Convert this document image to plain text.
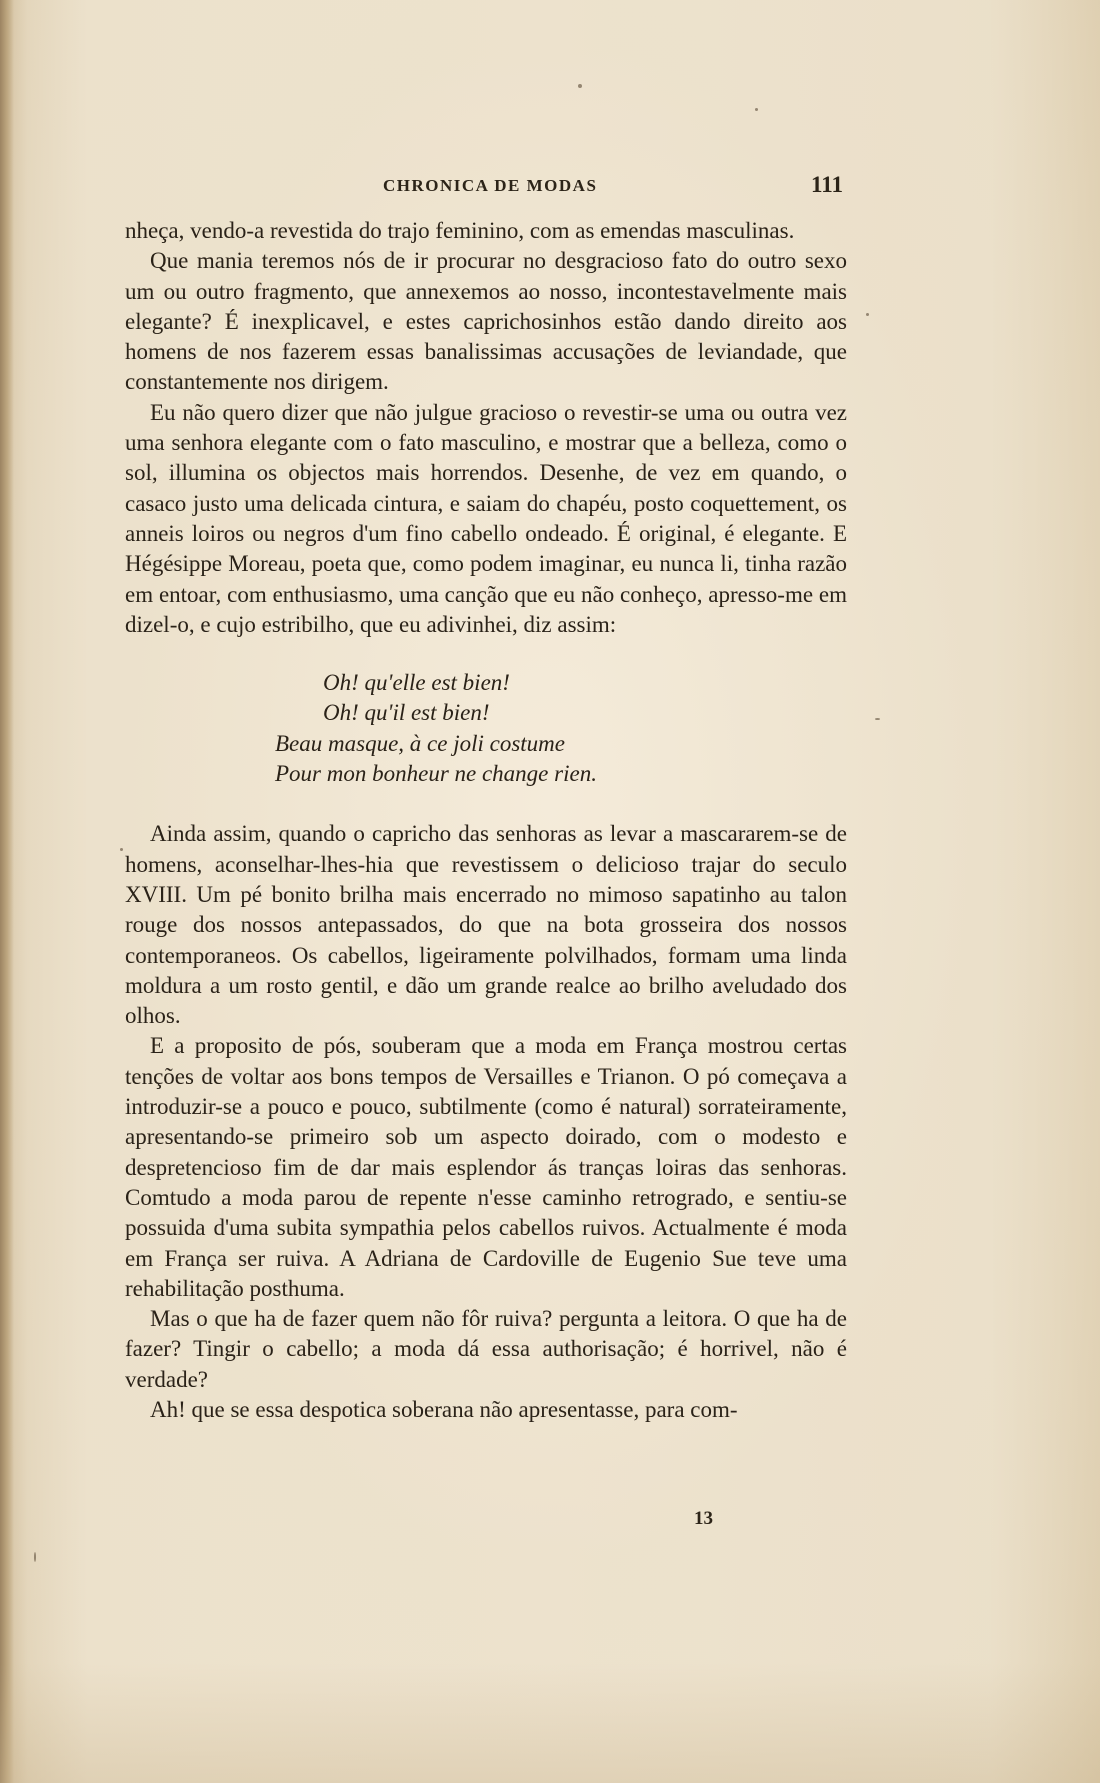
CHRONICA DE MODAS	111

nheça, vendo-a revestida do trajo feminino, com as emendas masculinas.

Que mania teremos nós de ir procurar no desgracioso fato do outro sexo um ou outro fragmento, que annexemos ao nosso, incontestavelmente mais elegante? É inexplicavel, e estes caprichosinhos estão dando direito aos homens de nos fazerem essas banalissimas accusações de leviandade, que constantemente nos dirigem.

Eu não quero dizer que não julgue gracioso o revestir-se uma ou outra vez uma senhora elegante com o fato masculino, e mostrar que a belleza, como o sol, illumina os objectos mais horrendos. Desenhe, de vez em quando, o casaco justo uma delicada cintura, e saiam do chapéu, posto coquettement, os anneis loiros ou negros d'um fino cabello ondeado. É original, é elegante. E Hégésippe Moreau, poeta que, como podem imaginar, eu nunca li, tinha razão em entoar, com enthusiasmo, uma canção que eu não conheço, apresso-me em dizel-o, e cujo estribilho, que eu adivinhei, diz assim:

Oh! qu'elle est bien!
Oh! qu'il est bien!
Beau masque, à ce joli costume
Pour mon bonheur ne change rien.

Ainda assim, quando o capricho das senhoras as levar a mascararem-se de homens, aconselhar-lhes-hia que revestissem o delicioso trajar do seculo XVIII. Um pé bonito brilha mais encerrado no mimoso sapatinho au talon rouge dos nossos antepassados, do que na bota grosseira dos nossos contemporaneos. Os cabellos, ligeiramente polvilhados, formam uma linda moldura a um rosto gentil, e dão um grande realce ao brilho aveludado dos olhos.

E a proposito de pós, souberam que a moda em França mostrou certas tenções de voltar aos bons tempos de Versailles e Trianon. O pó começava a introduzir-se a pouco e pouco, subtilmente (como é natural) sorrateiramente, apresentando-se primeiro sob um aspecto doirado, com o modesto e despretencioso fim de dar mais esplendor ás tranças loiras das senhoras. Comtudo a moda parou de repente n'esse caminho retrogrado, e sentiu-se possuida d'uma subita sympathia pelos cabellos ruivos. Actualmente é moda em França ser ruiva. A Adriana de Cardoville de Eugenio Sue teve uma rehabilitação posthuma.

Mas o que ha de fazer quem não fôr ruiva? pergunta a leitora. O que ha de fazer? Tingir o cabello; a moda dá essa authorisação; é horrivel, não é verdade?

Ah! que se essa despotica soberana não apresentasse, para com-

13
